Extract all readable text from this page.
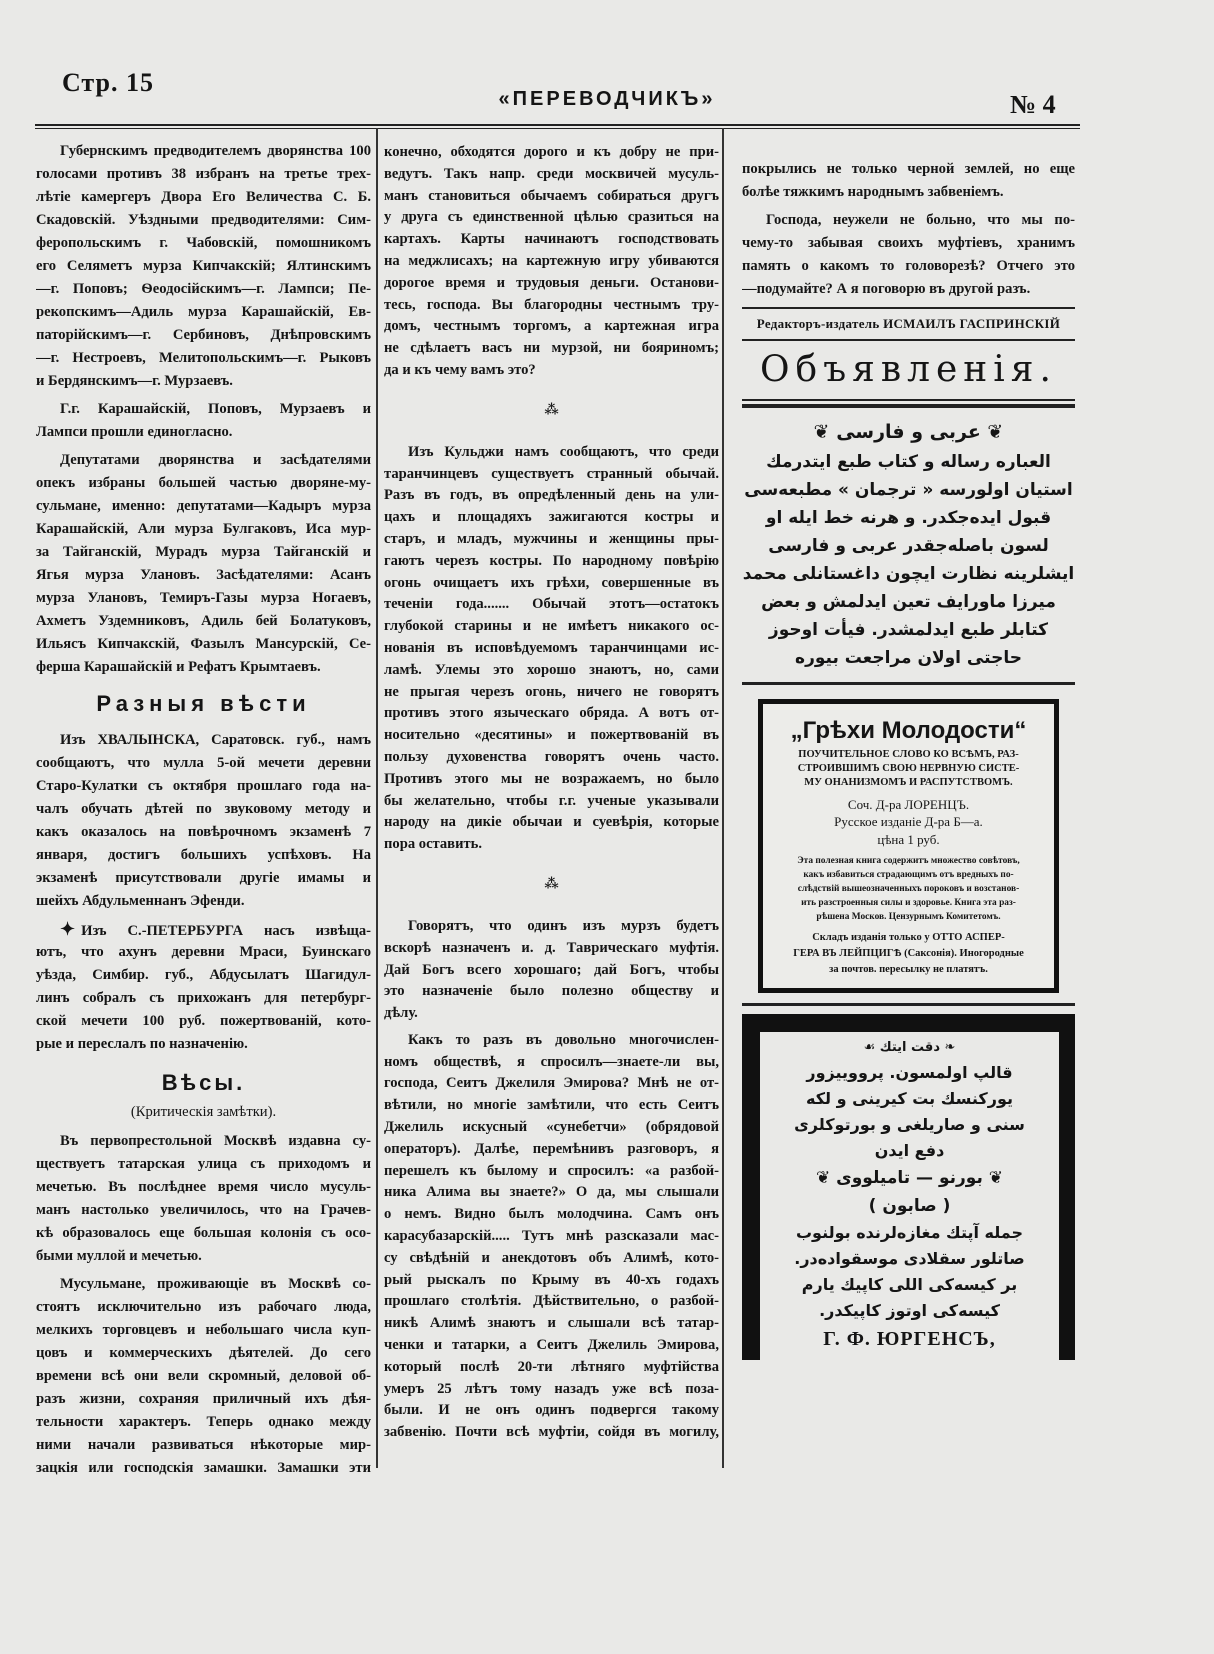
Стр. 15
«ПЕРЕВОДЧИКЪ»	№ 4
Губернскимъ предводителемъ дворянства 100
голосами противъ 38 избранъ на третье трех-
лѣтіе камергеръ Двора Его Величества С. Б.
Скадовскій. Уѣздными предводителями: Сим-
феропольскимъ г. Чабовскій, помошникомъ
его Селяметъ мурза Кипчакскій; Ялтинскимъ
—г. Поповъ; Ѳеодосійскимъ—г. Лампси; Пе-
рекопскимъ—Адиль мурза Карашайскій, Ев-
паторійскимъ—г. Сербиновъ, Днѣпровскимъ
—г. Нестроевъ, Мелитопольскимъ—г. Рыковъ
и Бердянскимъ—г. Мурзаевъ.
Г.г. Карашайскій, Поповъ, Мурзаевъ и
Лампси прошли единогласно.
Депутатами дворянства и засѣдателями
опекъ избраны большей частью дворяне-му-
сульмане, именно: депутатами—Кадыръ мурза
Карашайскій, Али мурза Булгаковъ, Иса мур-
за Тайганскій, Мурадъ мурза Тайганскій и
Ягья мурза Улановъ. Засѣдателями: Асанъ
мурза Улановъ, Темиръ-Газы мурза Ногаевъ,
Ахметъ Уздемниковъ, Адиль бей Болатуковъ,
Ильясъ Кипчакскій, Фазылъ Мансурскій, Се-
ферша Карашайскій и Рефатъ Крымтаевъ.
Разныя вѣсти
Изъ ХВАЛЫНСКА, Саратовск. губ., намъ
сообщаютъ, что мулла 5-ой мечети деревни
Старо-Кулатки съ октября прошлаго года на-
чалъ обучать дѣтей по звуковому методу и
какъ оказалось на повѣрочномъ экзаменѣ 7
января, достигъ большихъ успѣховъ. На
экзаменѣ присутствовали другіе имамы и
шейхъ Абдульменнанъ Эфенди.
✦ Изъ С.-ПЕТЕРБУРГА насъ извѣща-
ютъ, что ахунъ деревни Мраси, Буинскаго
уѣзда, Симбир. губ., Абдусылатъ Шагидул-
линъ собралъ съ прихожанъ для петербург-
ской мечети 100 руб. пожертвованій, кото-
рые и переслалъ по назначенію.
Вѣсы.
(Критическія замѣтки).
Въ первопрестольной Москвѣ издавна су-
ществуетъ татарская улица съ приходомъ и
мечетью. Въ послѣднее время число мусуль-
манъ настолько увеличилось, что на Грачев-
кѣ образовалось еще большая колонія съ осо-
быми муллой и мечетью.
Мусульмане, проживающіе въ Москвѣ со-
стоятъ исключительно изъ рабочаго люда,
мелкихъ торговцевъ и небольшаго числа куп-
цовъ и коммерческихъ дѣятелей. До сего
времени всѣ они вели скромный, деловой об-
разъ жизни, сохраняя приличный ихъ дѣя-
тельности характеръ. Теперь однако между
ними начали развиваться нѣкоторые мир-
зацкія или господскія замашки. Замашки эти
конечно, обходятся дорого и къ добру не при-
ведутъ. Такъ напр. среди москвичей мусуль-
манъ становиться обычаемъ собираться другъ
у друга съ единственной цѣлью сразиться на
картахъ. Карты начинаютъ господствовать
на меджлисахъ; на картежную игру убиваются
дорогое время и трудовыя деньги. Останови-
тесь, господа. Вы благородны честнымъ тру-
домъ, честнымъ торгомъ, а картежная игра
не сдѣлаетъ васъ ни мурзой, ни бояриномъ;
да и къ чему вамъ это?
⁂
Изъ Кульджи намъ сообщаютъ, что среди
таранчинцевъ существуетъ странный обычай.
Разъ въ годъ, въ опредѣленный день на ули-
цахъ и площадяхъ зажигаются костры и
старъ, и младъ, мужчины и женщины пры-
гаютъ черезъ костры. По народному повѣрію
огонь очищаетъ ихъ грѣхи, совершенные въ
теченіи года....... Обычай этотъ—остатокъ
глубокой старины и не имѣетъ никакого ос-
нованія въ исповѣдуемомъ таранчинцами ис-
ламѣ. Улемы это хорошо знаютъ, но, сами
не прыгая черезъ огонь, ничего не говорятъ
противъ этого языческаго обряда. А вотъ от-
носительно «десятины» и пожертвованій въ
пользу духовенства говорятъ очень часто.
Противъ этого мы не возражаемъ, но было
бы желательно, чтобы г.г. ученые указывали
народу на дикіе обычаи и суевѣрія, которые
пора оставить.
⁂
Говорятъ, что одинъ изъ мурзъ будетъ
вскорѣ назначенъ и. д. Таврическаго муфтія.
Дай Богъ всего хорошаго; дай Богъ, чтобы
это назначеніе было полезно обществу и
дѣлу.
Какъ то разъ въ довольно многочислен-
номъ обществѣ, я спросилъ—знаете-ли вы,
господа, Сеитъ Джелиля Эмирова? Мнѣ не от-
вѣтили, но многіе замѣтили, что есть Сеитъ
Джелиль искусный «сунебетчи» (обрядовой
операторъ). Далѣе, перемѣнивъ разговоръ, я
перешелъ къ былому и спросилъ: «а разбой-
ника Алима вы знаете?» О да, мы слышали
о немъ. Видно былъ молодчина. Самъ онъ
карасубазарскій..... Тутъ мнѣ разсказали мас-
су свѣдѣній и анекдотовъ объ Алимѣ, кото-
рый рыскалъ по Крыму въ 40-хъ годахъ
прошлаго столѣтія. Дѣйствительно, о разбой-
никѣ Алимѣ знаютъ и слышали всѣ татар-
ченки и татарки, а Сеитъ Джелиль Эмирова,
который послѣ 20-ти лѣтняго муфтійства
умеръ 25 лѣтъ тому назадъ уже всѣ поза-
были. И не онъ одинъ подвергся такому
забвенію. Почти всѣ муфтіи, сойдя въ могилу,
покрылись не только черной землей, но еще
болѣе тяжкимъ народнымъ забвеніемъ.
Господа, неужели не больно, что мы по-
чему-то забывая своихъ муфтіевъ, хранимъ
память о какомъ то головорезѣ? Отчего это
—подумайте? А я поговорю въ другой разъ.
Редакторъ-издатель ИСМАИЛЪ ГАСПРИНСКІЙ
Объявленія.
❦ عربی و فارسی ❦
العباره رساله و کتاب طبع ایتدرمك
استیان اولورسه « ترجمان » مطبعه‌سی
قبول ایده‌جکدر. و هرنه خط ایله او
لسون باصله‌جقدر عربی و فارسی
ایشلرینه نظارت ایچون داغستانلی محمد
میرزا ماورایف تعین ایدلمش و بعض
کتابلر طبع ایدلمشدر. فیأت اوحوز
حاجتی اولان مراجعت بیوره
„Грѣхи Молодости“
ПОУЧИТЕЛЬНОЕ СЛОВО КО ВСѢМЪ, РАЗ-
СТРОИВШИМЪ СВОЮ НЕРВНУЮ СИСТЕ-
МУ ОНАНИЗМОМЪ И РАСПУТСТВОМЪ.
Соч. Д-ра ЛОРЕНЦЪ.
Русское изданіе Д-ра Б—а.
цѣна 1 руб.
Эта полезная книга содержитъ множество совѣтовъ,
какъ избавиться страдающимъ отъ вредныхъ по-
слѣдствій вышеозначенныхъ пороковъ и возстанов-
ить разстроенныя силы и здоровье. Книга эта раз-
рѣшена Москов. Цензурнымъ Комитетомъ.
Складъ изданія только у ОТТО АСПЕР-
ГЕРА ВЪ ЛЕЙПЦИГѢ (Саксонія). Иногородные
за почтов. пересылку не платятъ.
❧ دقت ایتك ☙
قالپ اولمسون. پرووییزور
یورکنسك بت کیرینی و لکه
سنی و صاریلغی و بورتوکلری
دفع ایدن
❦ بورنو — تامیلووی ❦
( صابون )
جمله آپتك مغازه‌لرنده بولنوب
صاتلور سقلادی موسقواده‌در.
بر کیسه‌کی اللی کاپیك یارم
کیسه‌کی اوتوز کاپیکدر.
Г. Ф. ЮРГЕНСЪ,
